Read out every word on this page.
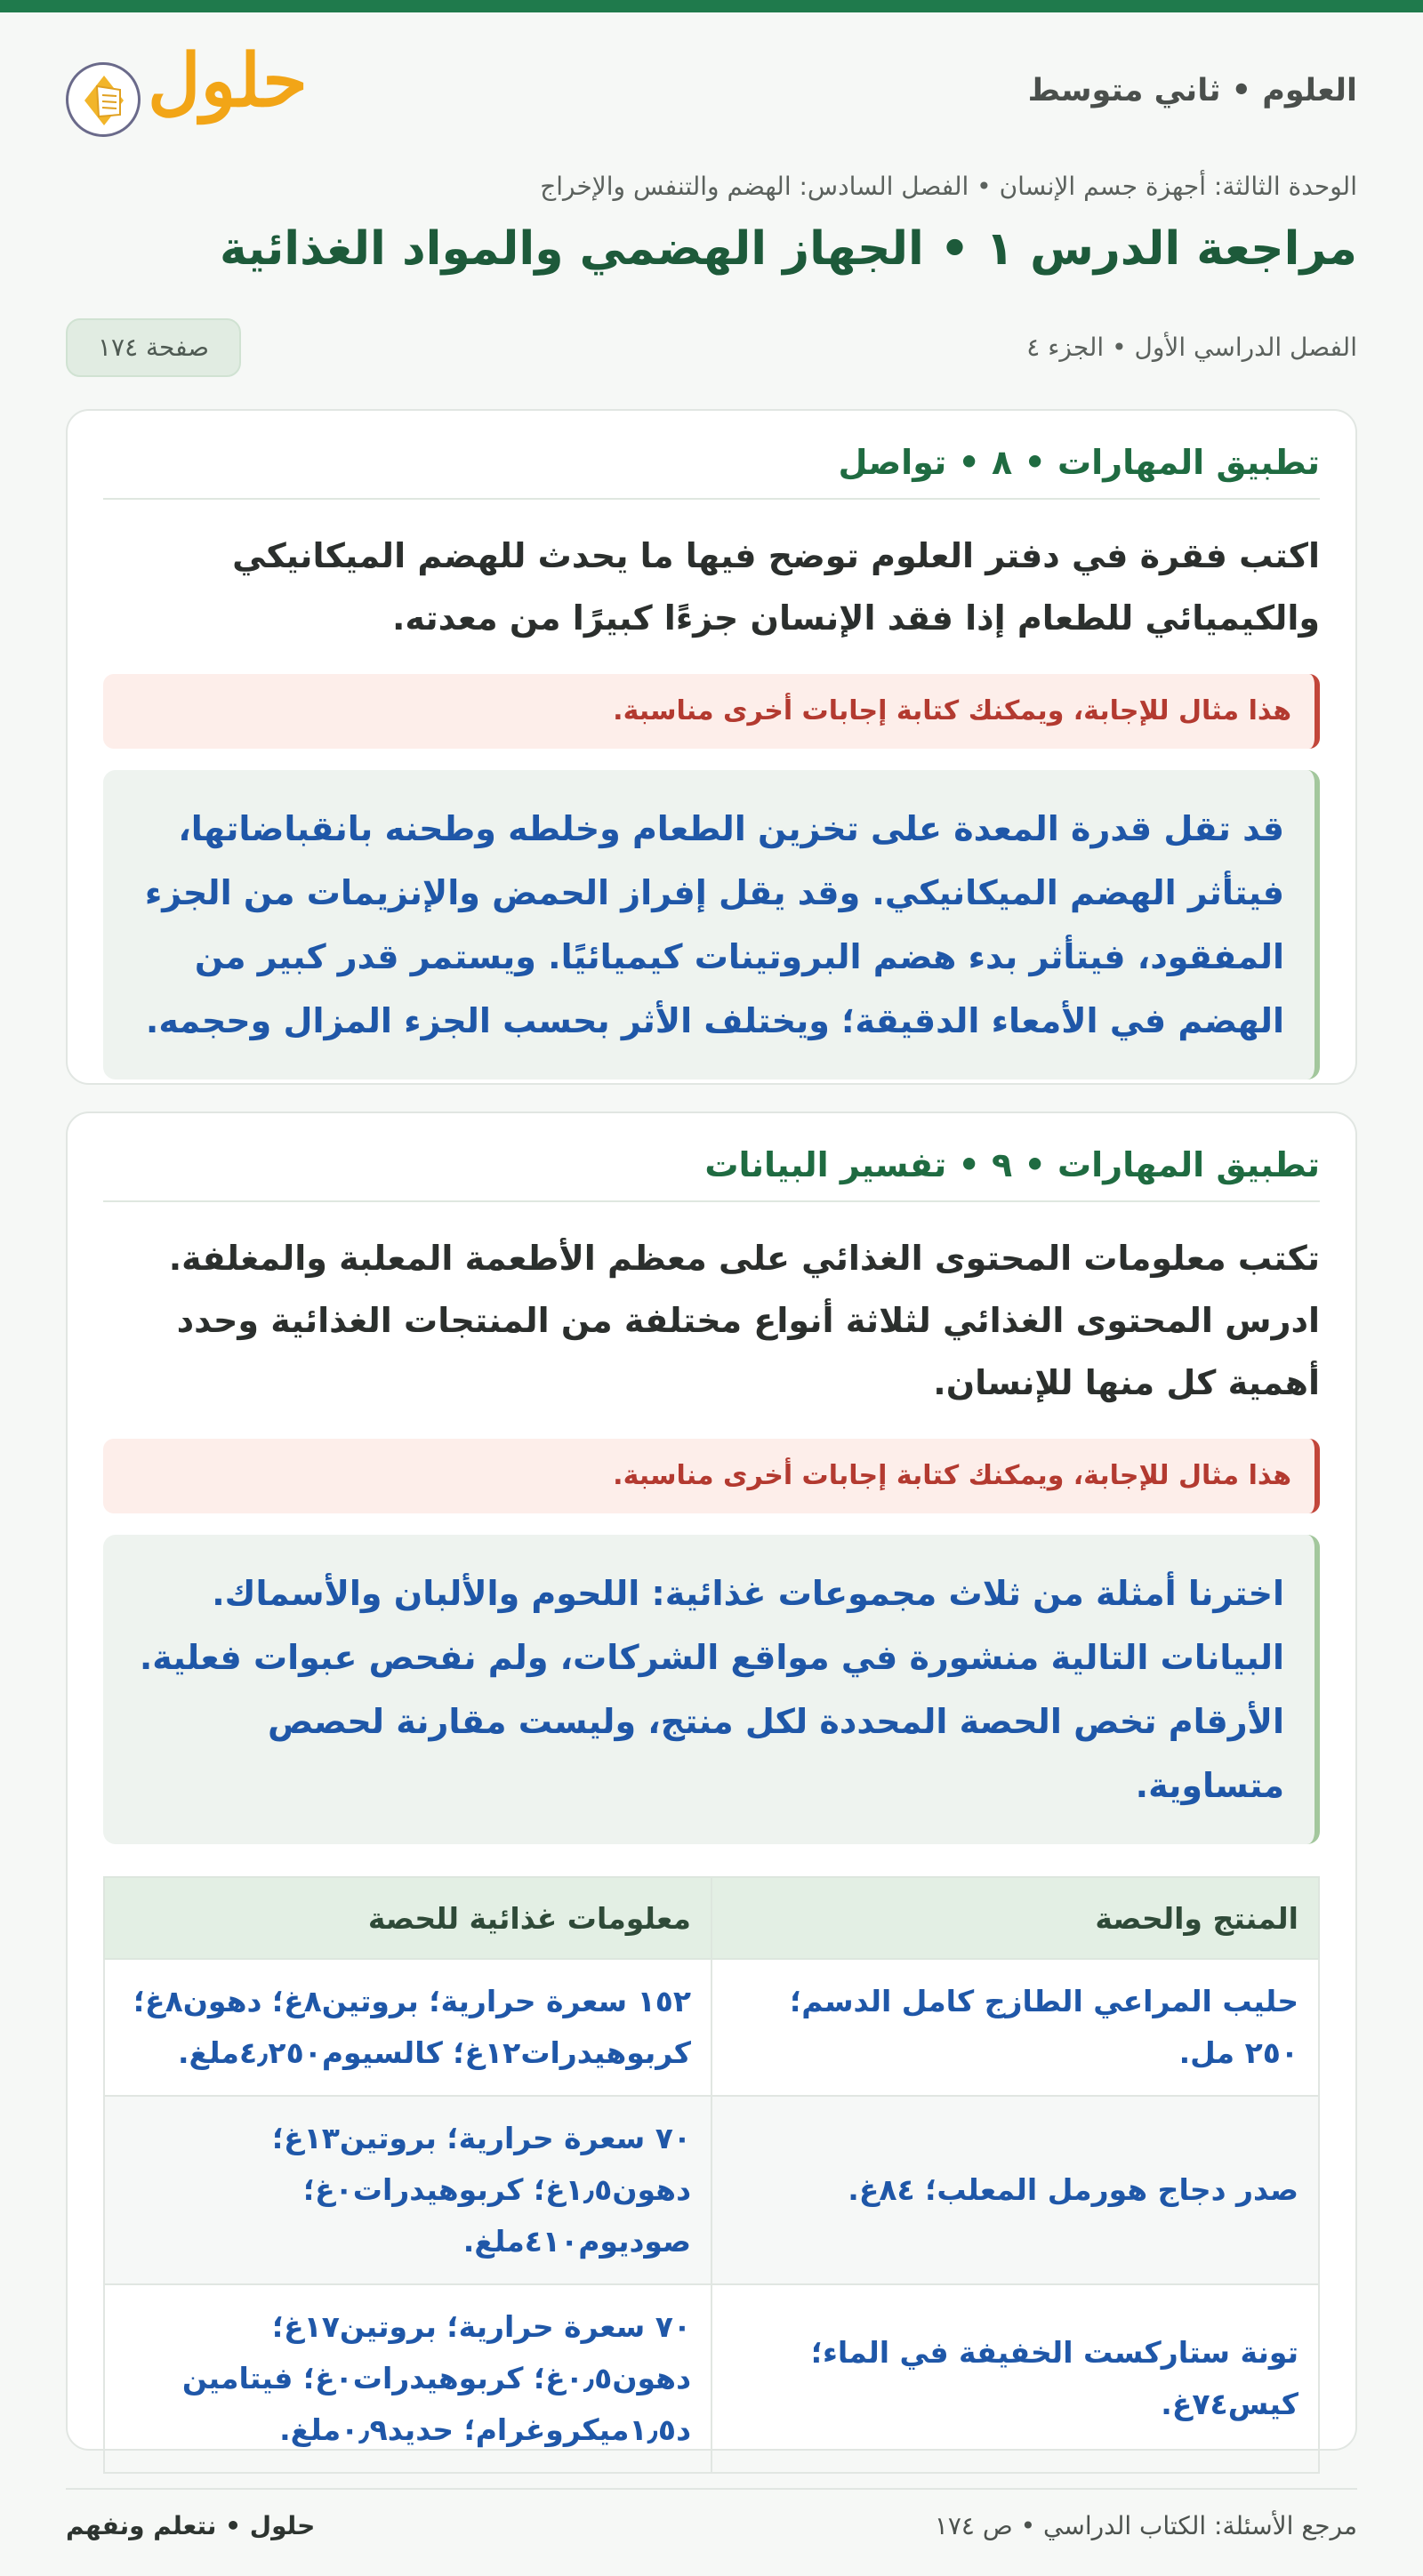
العلوم • ثاني متوسط
حلول
الوحدة الثالثة: أجهزة جسم الإنسان • الفصل السادس: الهضم والتنفس والإخراج
مراجعة الدرس ١ • الجهاز الهضمي والمواد الغذائية
الفصل الدراسي الأول • الجزء ٤
صفحة ١٧٤
تطبيق المهارات • ٨ • تواصل
اكتب فقرة في دفتر العلوم توضح فيها ما يحدث للهضم الميكانيكي والكيميائي للطعام إذا فقد الإنسان جزءًا كبيرًا من معدته.
هذا مثال للإجابة، ويمكنك كتابة إجابات أخرى مناسبة.
قد تقل قدرة المعدة على تخزين الطعام وخلطه وطحنه بانقباضاتها، فيتأثر الهضم الميكانيكي. وقد يقل إفراز الحمض والإنزيمات من الجزء المفقود، فيتأثر بدء هضم البروتينات كيميائيًا. ويستمر قدر كبير من الهضم في الأمعاء الدقيقة؛ ويختلف الأثر بحسب الجزء المزال وحجمه.
تطبيق المهارات • ٩ • تفسير البيانات
تكتب معلومات المحتوى الغذائي على معظم الأطعمة المعلبة والمغلفة. ادرس المحتوى الغذائي لثلاثة أنواع مختلفة من المنتجات الغذائية وحدد أهمية كل منها للإنسان.
هذا مثال للإجابة، ويمكنك كتابة إجابات أخرى مناسبة.
اخترنا أمثلة من ثلاث مجموعات غذائية: اللحوم والألبان والأسماك. البيانات التالية منشورة في مواقع الشركات، ولم نفحص عبوات فعلية. الأرقام تخص الحصة المحددة لكل منتج، وليست مقارنة لحصص متساوية.
المنتج والحصة	معلومات غذائية للحصة
حليب المراعي الطازج كامل الدسم؛ ٢٥٠ مل.	١٥٢ سعرة حرارية؛ بروتين٨غ؛ دهون٨غ؛ كربوهيدرات١٢غ؛ كالسيوم٤٫٢٥٠ملغ.
صدر دجاج هورمل المعلب؛ ٨٤غ.	٧٠ سعرة حرارية؛ بروتين١٣غ؛ دهون١٫٥غ؛ كربوهيدرات٠غ؛ صوديوم٤١٠ملغ.
تونة ستاركست الخفيفة في الماء؛ كيس٧٤غ.	٧٠ سعرة حرارية؛ بروتين١٧غ؛ دهون٠٫٥غ؛ كربوهيدرات٠غ؛ فيتامين د١٫٥ميكروغرام؛ حديد٠٫٩ملغ.
مرجع الأسئلة: الكتاب الدراسي • ص ١٧٤
حلول • نتعلم ونفهم
